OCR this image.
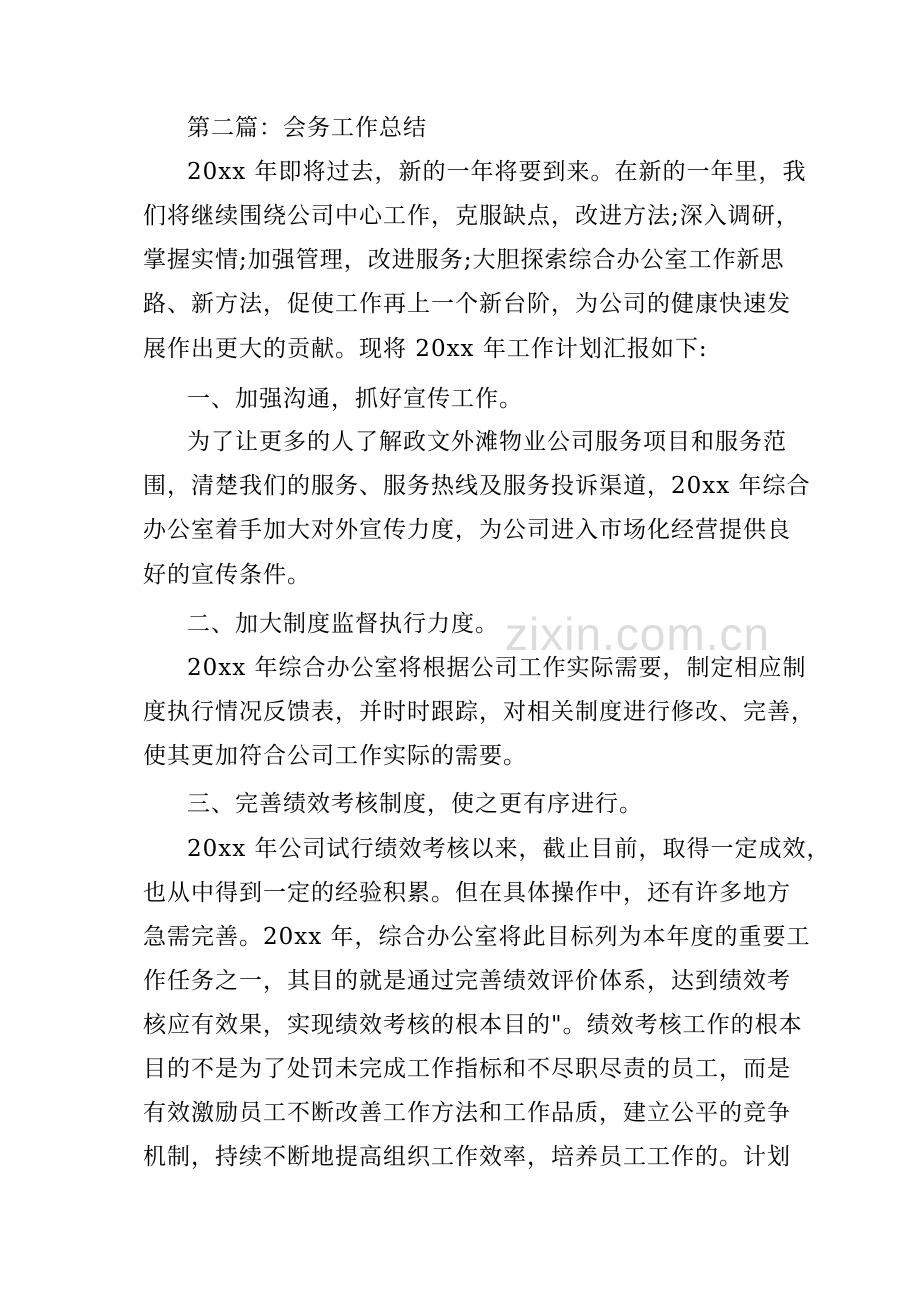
第二篇：会务工作总结
20xx 年即将过去，新的一年将要到来。在新的一年里，我
们将继续围绕公司中心工作，克服缺点，改进方法;深入调研，
掌握实情;加强管理，改进服务;大胆探索综合办公室工作新思
路、新方法，促使工作再上一个新台阶，为公司的健康快速发
展作出更大的贡献。现将 20xx 年工作计划汇报如下:
一、加强沟通，抓好宣传工作。
为了让更多的人了解政文外滩物业公司服务项目和服务范
围，清楚我们的服务、服务热线及服务投诉渠道，20xx 年综合
办公室着手加大对外宣传力度，为公司进入市场化经营提供良
好的宣传条件。
二、加大制度监督执行力度。
20xx 年综合办公室将根据公司工作实际需要，制定相应制
度执行情况反馈表，并时时跟踪，对相关制度进行修改、完善，
使其更加符合公司工作实际的需要。
三、完善绩效考核制度，使之更有序进行。
20xx 年公司试行绩效考核以来，截止目前，取得一定成效，
也从中得到一定的经验积累。但在具体操作中，还有许多地方
急需完善。20xx 年，综合办公室将此目标列为本年度的重要工
作任务之一，其目的就是通过完善绩效评价体系，达到绩效考
核应有效果，实现绩效考核的根本目的"。绩效考核工作的根本
目的不是为了处罚未完成工作指标和不尽职尽责的员工，而是
有效激励员工不断改善工作方法和工作品质，建立公平的竞争
机制，持续不断地提高组织工作效率，培养员工工作的。计划
zixin.com.cn
